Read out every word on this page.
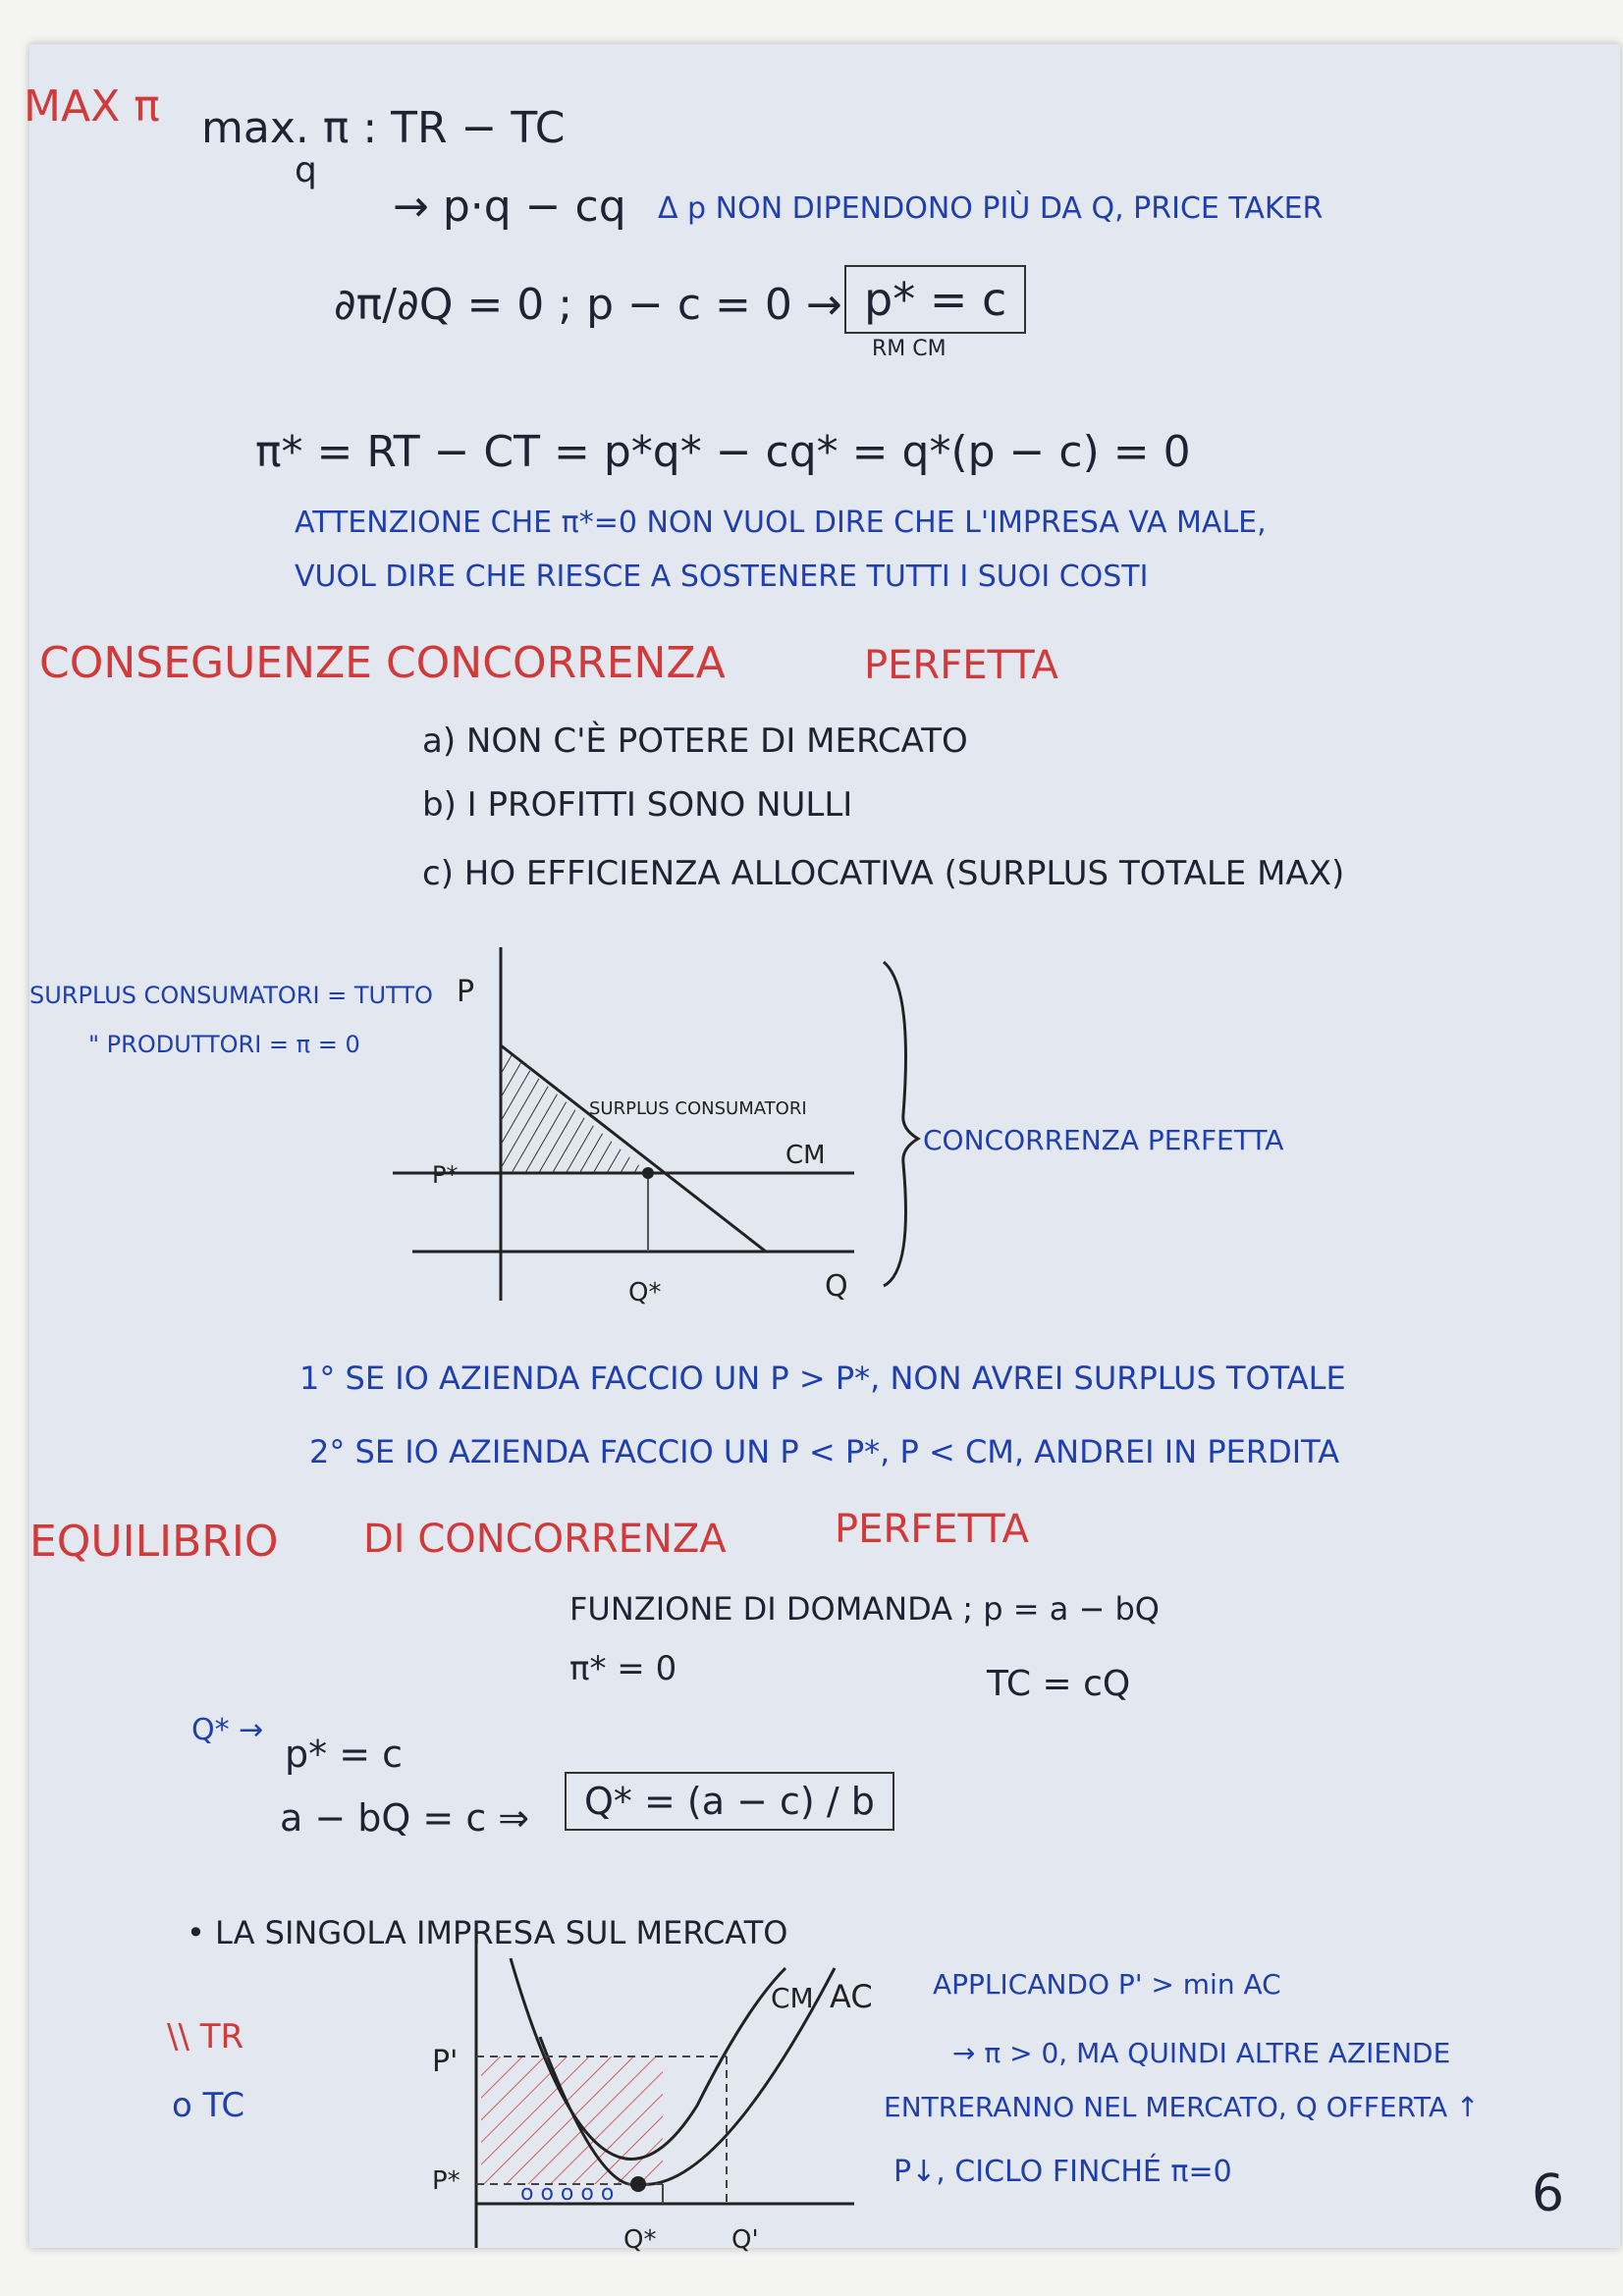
MAX π max. π : TR − TC
q
→ p·q − cq Δ p NON DIPENDONO PIÙ DA Q, PRICE TAKER
∂π/∂Q = 0 ; p − c = 0 → p* = c
RM CM
π* = RT − CT = p*q* − cq* = q*(p − c) = 0
ATTENZIONE CHE π*=0 NON VUOL DIRE CHE L'IMPRESA VA MALE,
VUOL DIRE CHE RIESCE A SOSTENERE TUTTI I SUOI COSTI
CONSEGUENZE CONCORRENZA	PERFETTA
a) NON C'È POTERE DI MERCATO
b) I PROFITTI SONO NULLI
c) HO EFFICIENZA ALLOCATIVA (SURPLUS TOTALE MAX)
SURPLUS CONSUMATORI = TUTTO
" PRODUTTORI = π = 0
P*
P
Q
Q*
CM
SURPLUS CONSUMATORI
CONCORRENZA PERFETTA
1° SE IO AZIENDA FACCIO UN P > P*, NON AVREI SURPLUS TOTALE
2° SE IO AZIENDA FACCIO UN P < P*, P < CM, ANDREI IN PERDITA
EQUILIBRIO DI CONCORRENZA	PERFETTA
FUNZIONE DI DOMANDA ; p = a − bQ
π* = 0	TC = cQ
Q* →
p* = c
a − bQ = c ⇒	Q* = (a − c) / b
• LA SINGOLA IMPRESA SUL MERCATO
\\ TR
o TC
o o o o o
P'
P*
Q*	Q'
CM AC APPLICANDO P' > min AC
→ π > 0, MA QUINDI ALTRE AZIENDE
ENTRERANNO NEL MERCATO, Q OFFERTA ↑
P↓, CICLO FINCHÉ π=0	6
